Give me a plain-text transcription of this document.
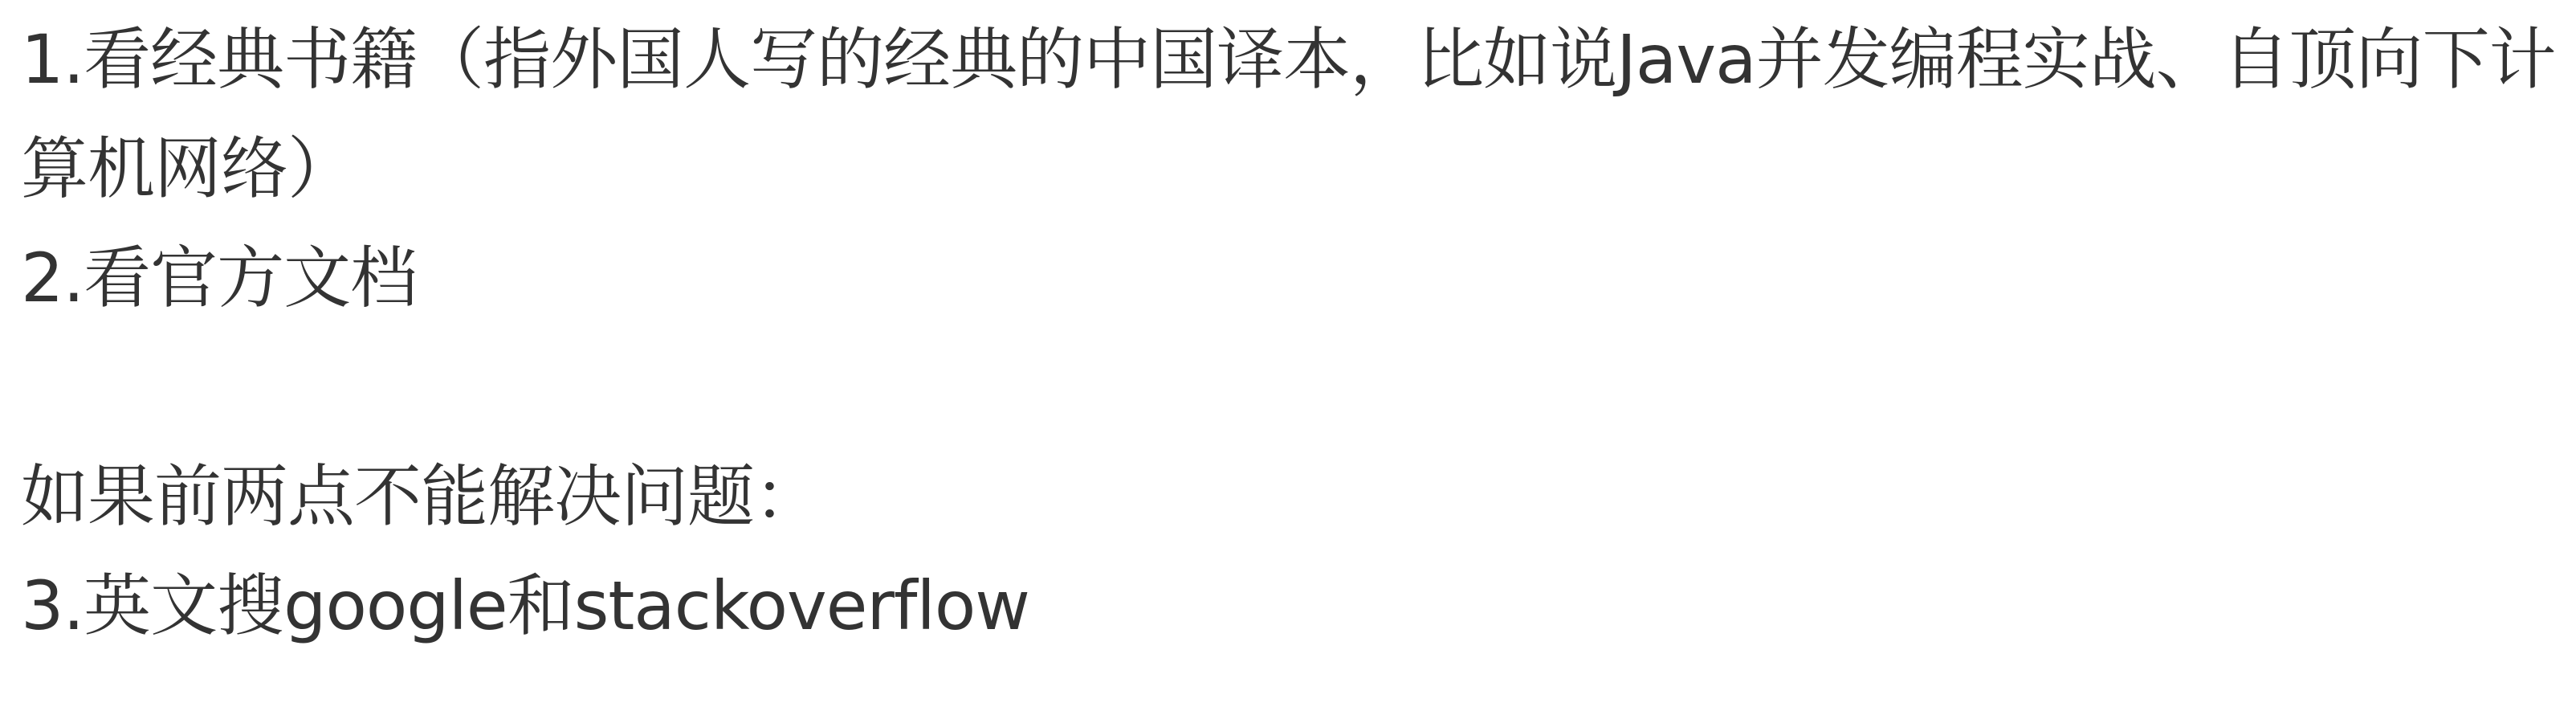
1.看经典书籍（指外国人写的经典的中国译本，比如说Java并发编程实战、自顶向下计算机网络）
2.看官方文档
如果前两点不能解决问题：
3.英文搜google和stackoverflow
